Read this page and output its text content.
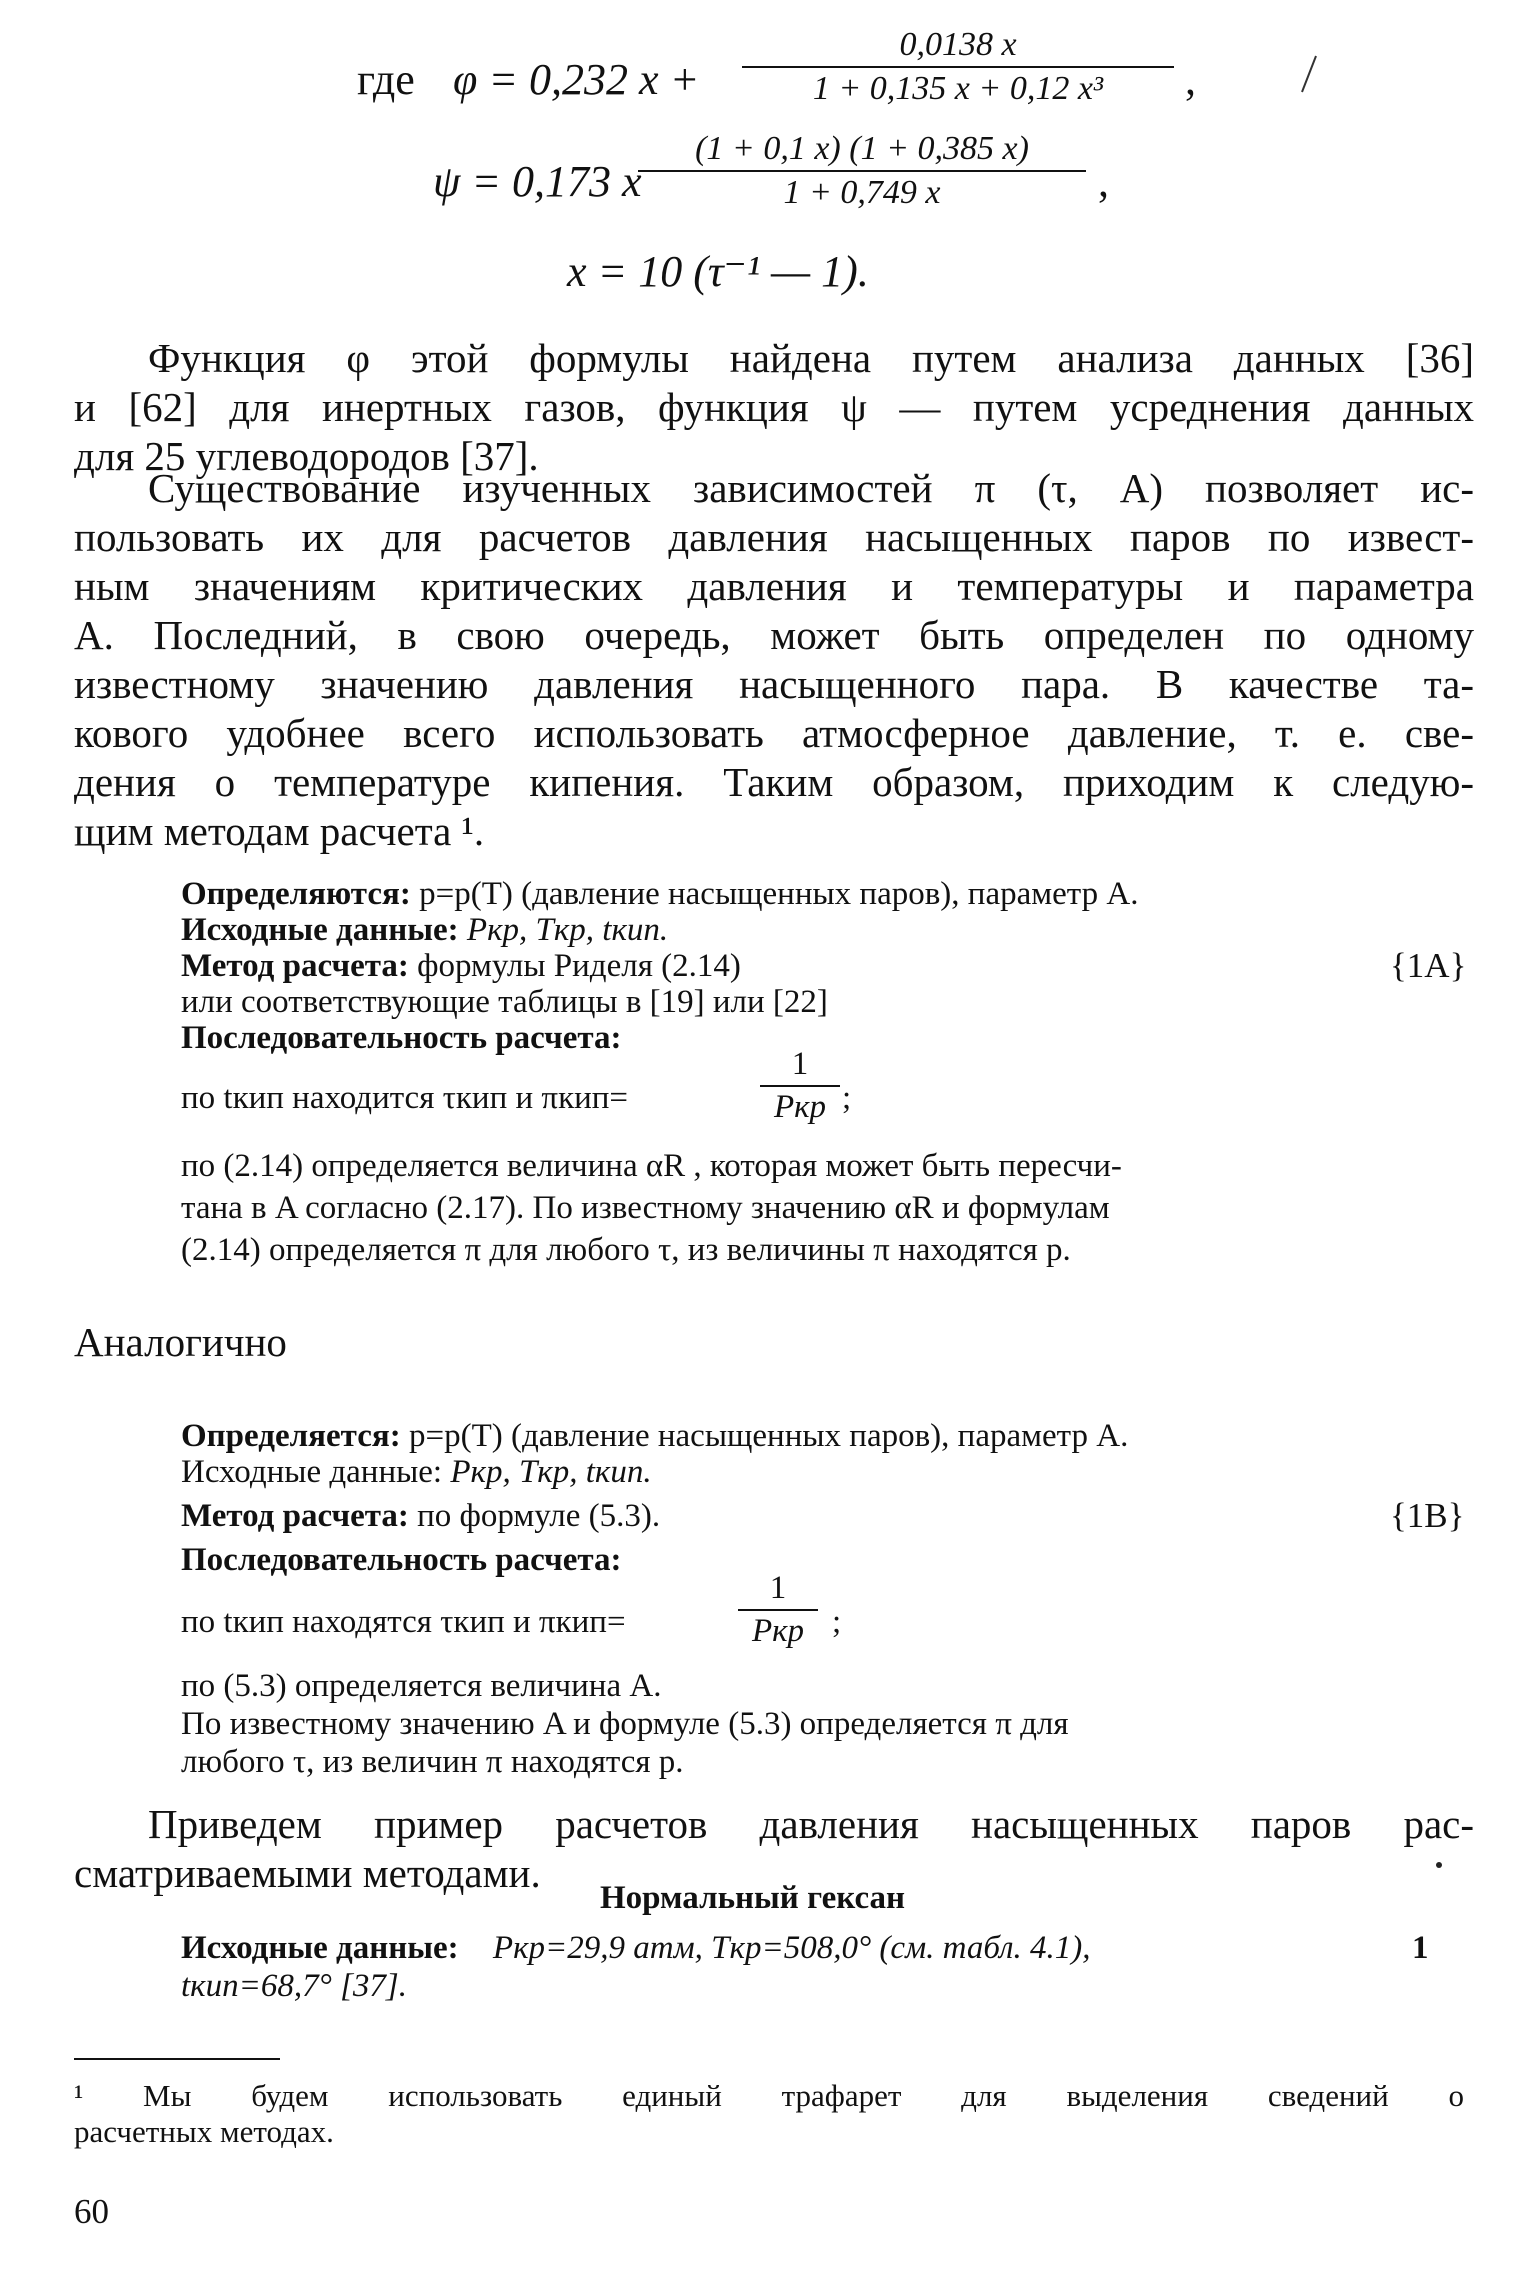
где φ = 0,232 x +
0,0138 x
1 + 0,135 x + 0,12 x³	,
ψ = 0,173 x
(1 + 0,1 x) (1 + 0,385 x)
1 + 0,749 x	,
x = 10 (τ⁻¹ — 1).
Функция φ этой формулы найдена путем анализа данных [36]
и [62] для инертных газов, функция ψ — путем усреднения данных
для 25 углеводородов [37].
Существование изученных зависимостей π (τ, A) позволяет ис-
пользовать их для расчетов давления насыщенных паров по извест-
ным значениям критических давления и температуры и параметра
A. Последний, в свою очередь, может быть определен по одному
известному значению давления насыщенного пара. В качестве та-
кового удобнее всего использовать атмосферное давление, т. е. све-
дения о температуре кипения. Таким образом, приходим к следую-
щим методам расчета ¹.
Определяются: p=p(T) (давление насыщенных паров), параметр A.
Исходные данные: Pкр, Tкр, tкип.
Метод расчета: формулы Риделя (2.14)	{1A}
или соответствующие таблицы в [19] или [22]
Последовательность расчета:
по tкип находится τкип и πкип=
1
Pкр ;
по (2.14) определяется величина αR , которая может быть пересчи-
тана в A согласно (2.17). По известному значению αR и формулам
(2.14) определяется π для любого τ, из величины π находятся p.
Аналогично
Определяется: p=p(T) (давление насыщенных паров), параметр A.
Исходные данные: Pкр, Tкр, tкип.
Метод расчета: по формуле (5.3).	{1B}
Последовательность расчета:
по tкип находятся τкип и πкип=
1
Pкр ;
по (5.3) определяется величина A.
По известному значению A и формуле (5.3) определяется π для
любого τ, из величин π находятся p.
Приведем пример расчетов давления насыщенных паров рас-
сматриваемыми методами.
Нормальный гексан
Исходные данные: Pкр=29,9 атм, Tкр=508,0° (см. табл. 4.1),	1
tкип=68,7° [37].
¹ Мы будем использовать единый трафарет для выделения сведений о
расчетных методах.
60
